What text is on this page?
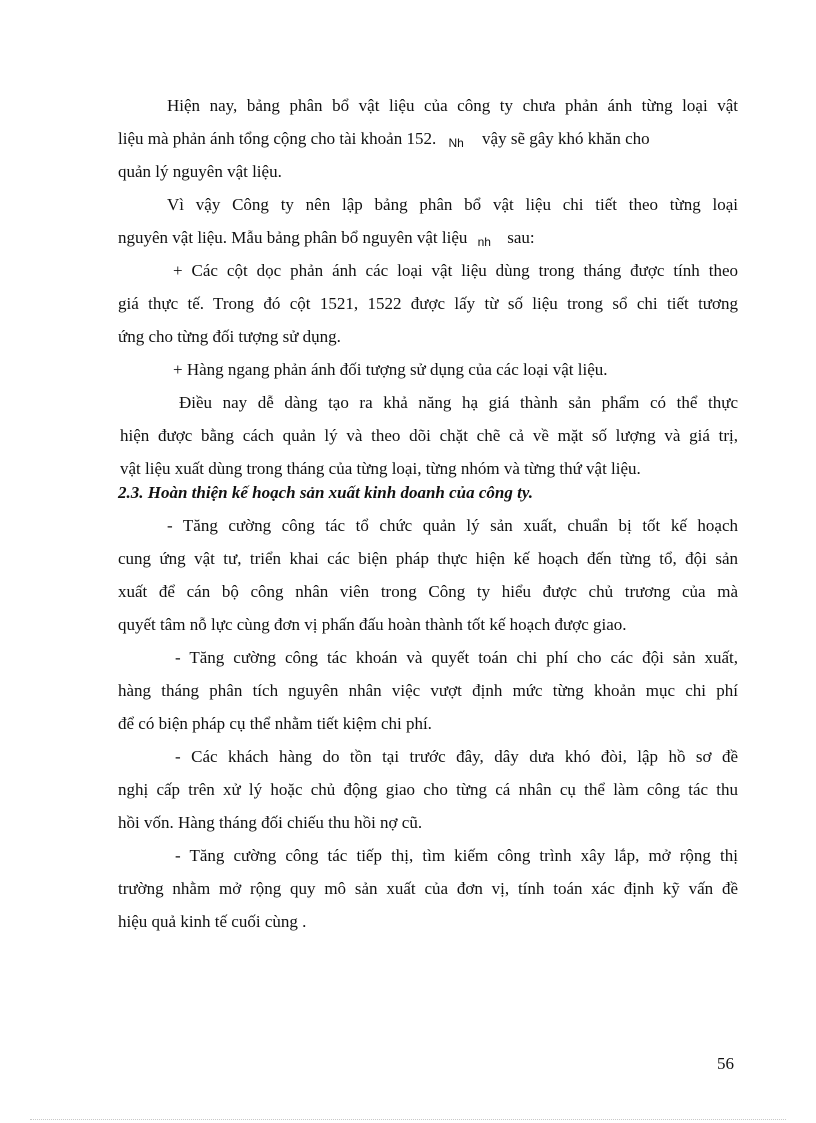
Hiện nay, bảng phân bổ vật liệu của công ty chưa phản ánh từng loại vật
liệu mà phản ánh tổng cộng cho tài khoản 152. Nh vậy sẽ gây khó khăn cho
quản lý nguyên vật liệu.
Vì vậy Công ty nên lập bảng phân bổ vật liệu chi tiết theo từng loại
nguyên vật liệu. Mẫu bảng phân bổ nguyên vật liệu nh sau:
+ Các cột dọc phản ánh các loại vật liệu dùng trong tháng được tính theo
giá thực tế. Trong đó cột 1521, 1522 được lấy từ số liệu trong sổ chi tiết tương
ứng cho từng đối tượng sử dụng.
+ Hàng ngang phản ánh đối tượng sử dụng của các loại vật liệu.
Điều nay dễ dàng tạo ra khả năng hạ giá thành sản phẩm có thể thực
hiện được bằng cách quản lý và theo dõi chặt chẽ cả về mặt số lượng và giá trị,
vật liệu xuất dùng trong tháng của từng loại, từng nhóm và từng thứ vật liệu.
2.3. Hoàn thiện kế hoạch sản xuất kinh doanh của công ty.
- Tăng cường công tác tổ chức quản lý sản xuất, chuẩn bị tốt kế hoạch
cung ứng vật tư, triển khai các biện pháp thực hiện kế hoạch đến từng tổ, đội sản
xuất để cán bộ công nhân viên trong Công ty hiểu được chủ trương của mà
quyết tâm nỗ lực cùng đơn vị phấn đấu hoàn thành tốt kế hoạch được giao.
- Tăng cường công tác khoán và quyết toán chi phí cho các đội sản xuất,
hàng tháng phân tích nguyên nhân việc vượt định mức từng khoản mục chi phí
để có biện pháp cụ thể nhằm tiết kiệm chi phí.
- Các khách hàng do tồn tại trước đây, dây dưa khó đòi, lập hồ sơ đề
nghị cấp trên xử lý hoặc chủ động giao cho từng cá nhân cụ thể làm công tác thu
hồi vốn. Hàng tháng đối chiếu thu hồi nợ cũ.
- Tăng cường công tác tiếp thị, tìm kiếm công trình xây lắp, mở rộng thị
trường nhằm mở rộng quy mô sản xuất của đơn vị, tính toán xác định kỹ vấn đề
hiệu quả kinh tế cuối cùng .
56
